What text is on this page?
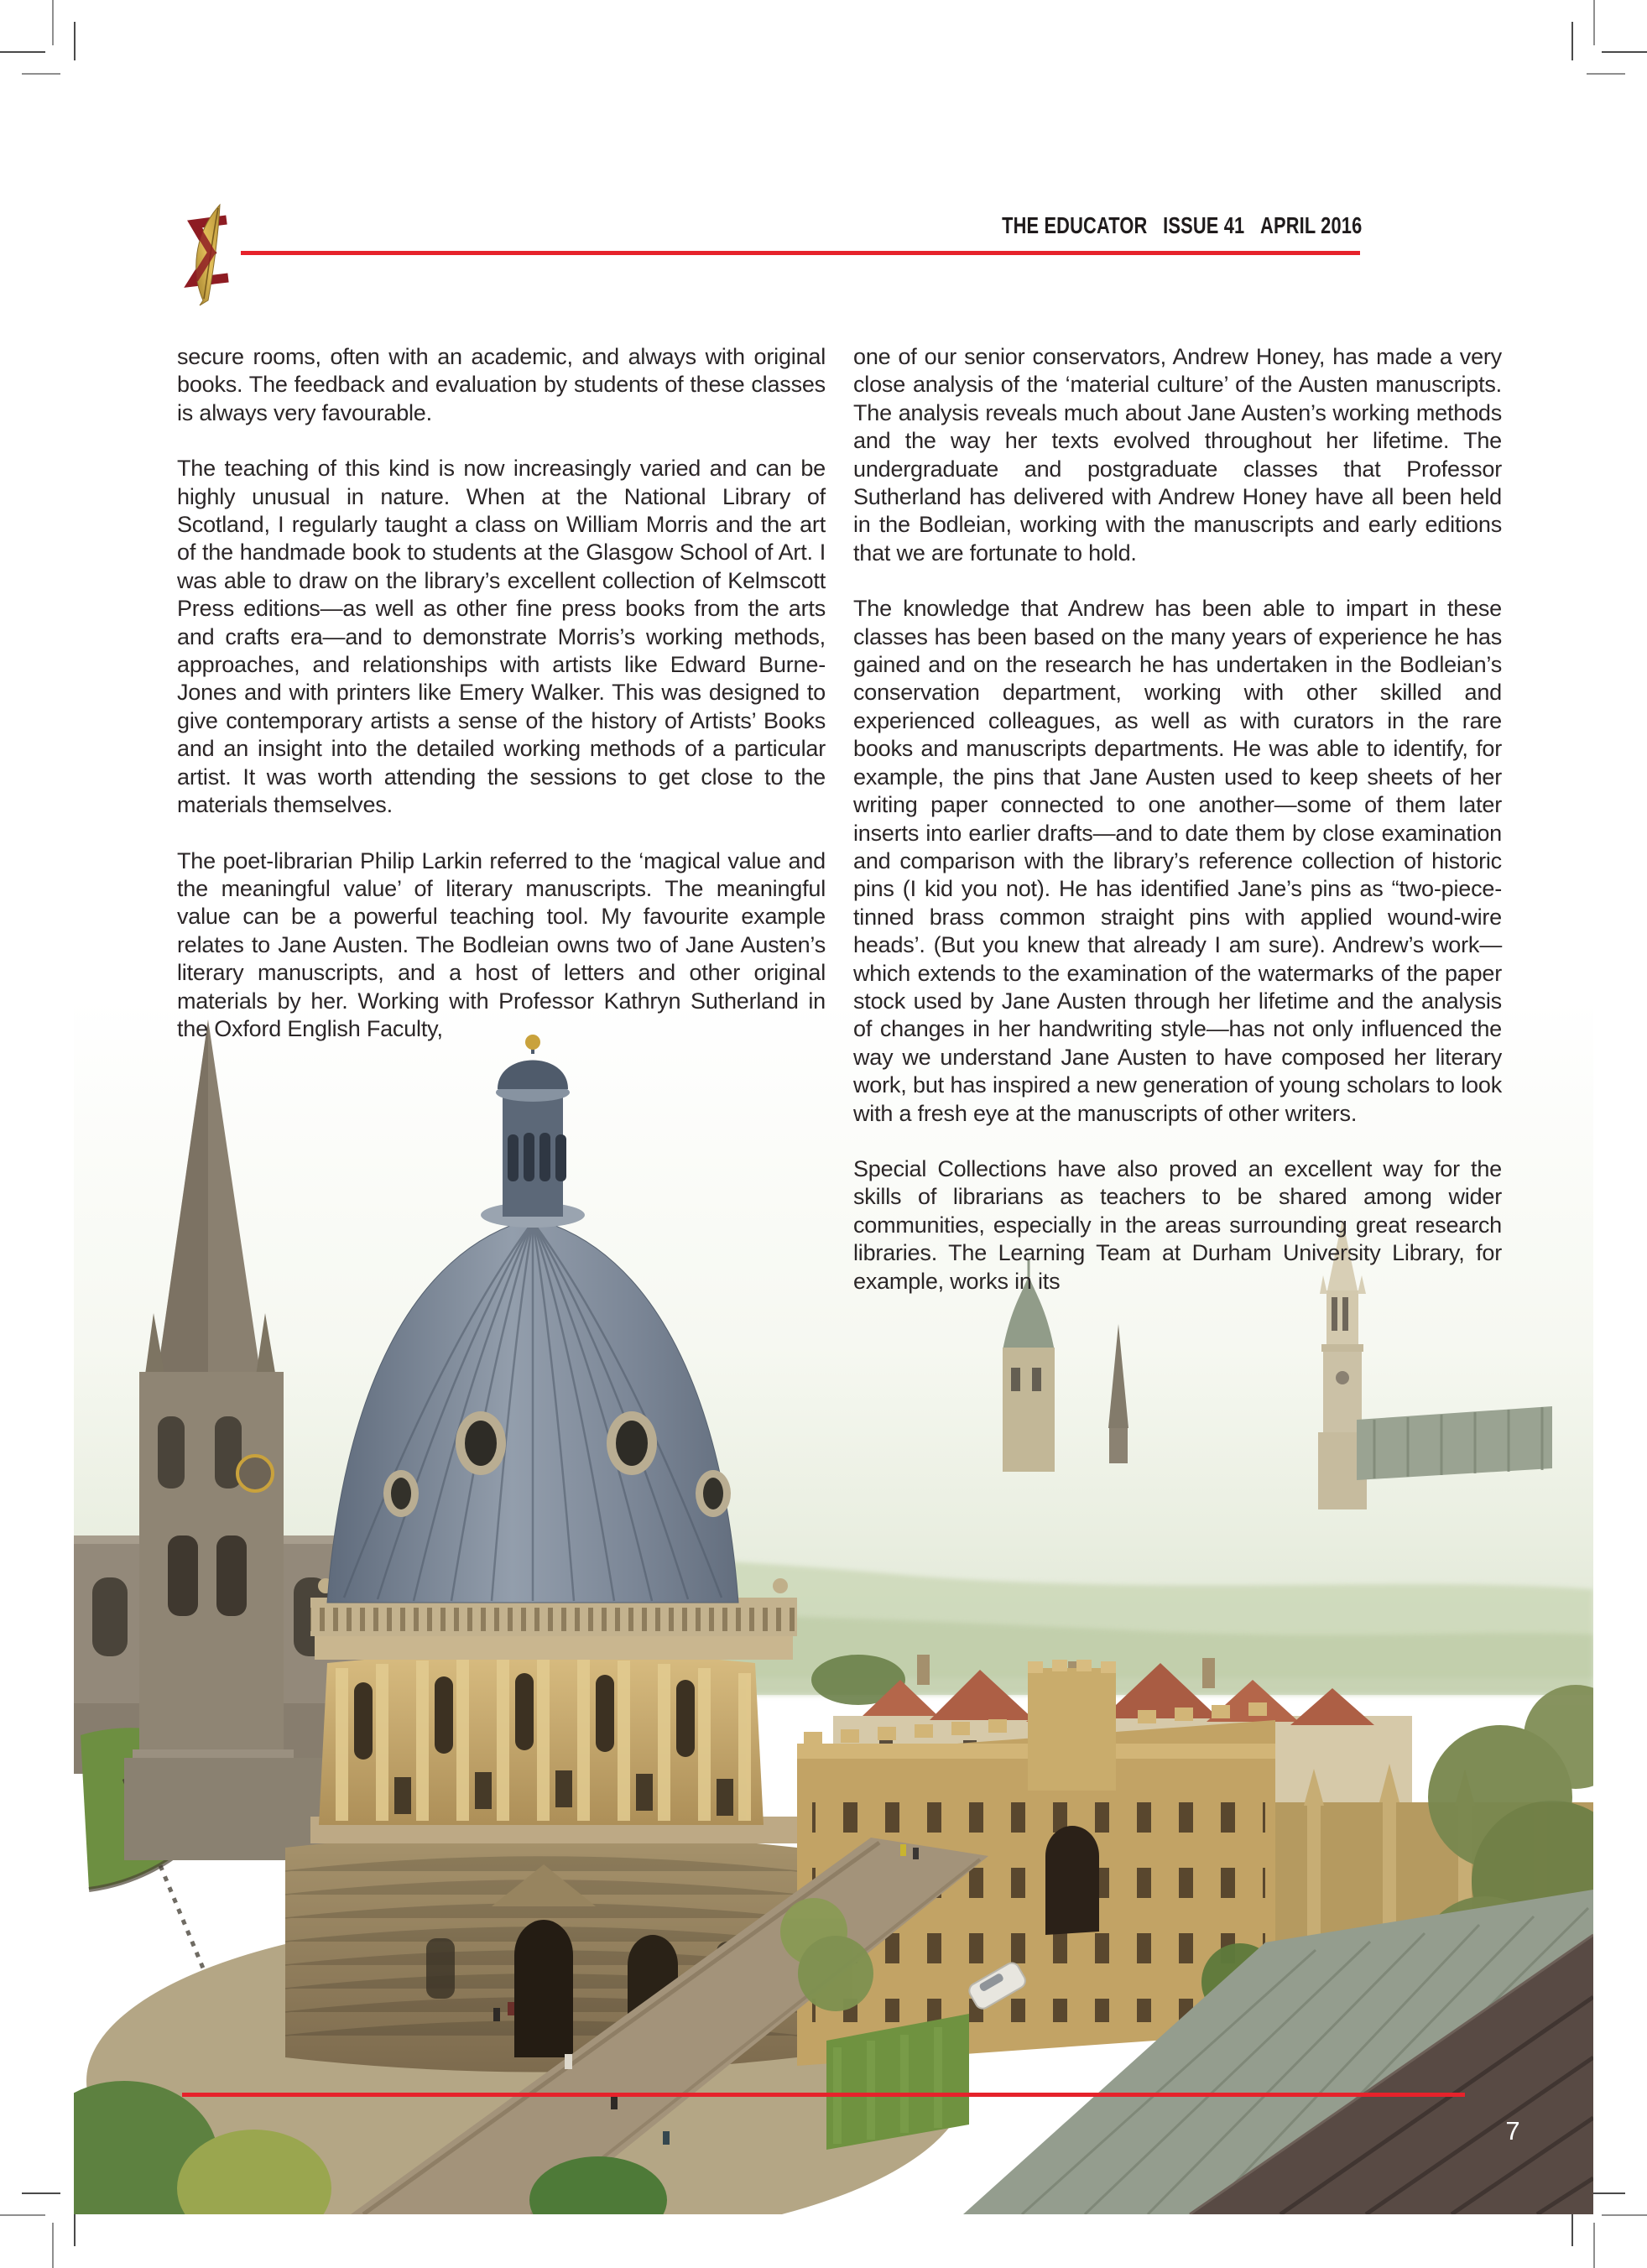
THE EDUCATOR ISSUE 41 APRIL 2016

secure rooms, often with an academic, and always with original books. The feedback and evaluation by students of these classes is always very favourable.

The teaching of this kind is now increasingly varied and can be highly unusual in nature. When at the National Library of Scotland, I regularly taught a class on William Morris and the art of the handmade book to students at the Glasgow School of Art. I was able to draw on the library’s excellent collection of Kelmscott Press editions—as well as other fine press books from the arts and crafts era—and to demonstrate Morris’s working methods, approaches, and relationships with artists like Edward Burne-Jones and with printers like Emery Walker. This was designed to give contemporary artists a sense of the history of Artists’ Books and an insight into the detailed working methods of a particular artist. It was worth attending the sessions to get close to the materials themselves.

The poet-librarian Philip Larkin referred to the ‘magical value and the meaningful value’ of literary manuscripts. The meaningful value can be a powerful teaching tool. My favourite example relates to Jane Austen. The Bodleian owns two of Jane Austen’s literary manuscripts, and a host of letters and other original materials by her. Working with Professor Kathryn Sutherland in the Oxford English Faculty,

one of our senior conservators, Andrew Honey, has made a very close analysis of the ‘material culture’ of the Austen manuscripts. The analysis reveals much about Jane Austen’s working methods and the way her texts evolved throughout her lifetime. The undergraduate and postgraduate classes that Professor Sutherland has delivered with Andrew Honey have all been held in the Bodleian, working with the manuscripts and early editions that we are fortunate to hold.

The knowledge that Andrew has been able to impart in these classes has been based on the many years of experience he has gained and on the research he has undertaken in the Bodleian’s conservation department, working with other skilled and experienced colleagues, as well as with curators in the rare books and manuscripts departments. He was able to identify, for example, the pins that Jane Austen used to keep sheets of her writing paper connected to one another—some of them later inserts into earlier drafts—and to date them by close examination and comparison with the library’s reference collection of historic pins (I kid you not). He has identified Jane’s pins as “two-piece-tinned brass common straight pins with applied wound-wire heads’. (But you knew that already I am sure). Andrew’s work—which extends to the examination of the watermarks of the paper stock used by Jane Austen through her lifetime and the analysis of changes in her handwriting style—has not only influenced the way we understand Jane Austen to have composed her literary work, but has inspired a new generation of young scholars to look with a fresh eye at the manuscripts of other writers.

Special Collections have also proved an excellent way for the skills of librarians as teachers to be shared among wider communities, especially in the areas surrounding great research libraries. The Learning Team at Durham University Library, for example, works in its

7
